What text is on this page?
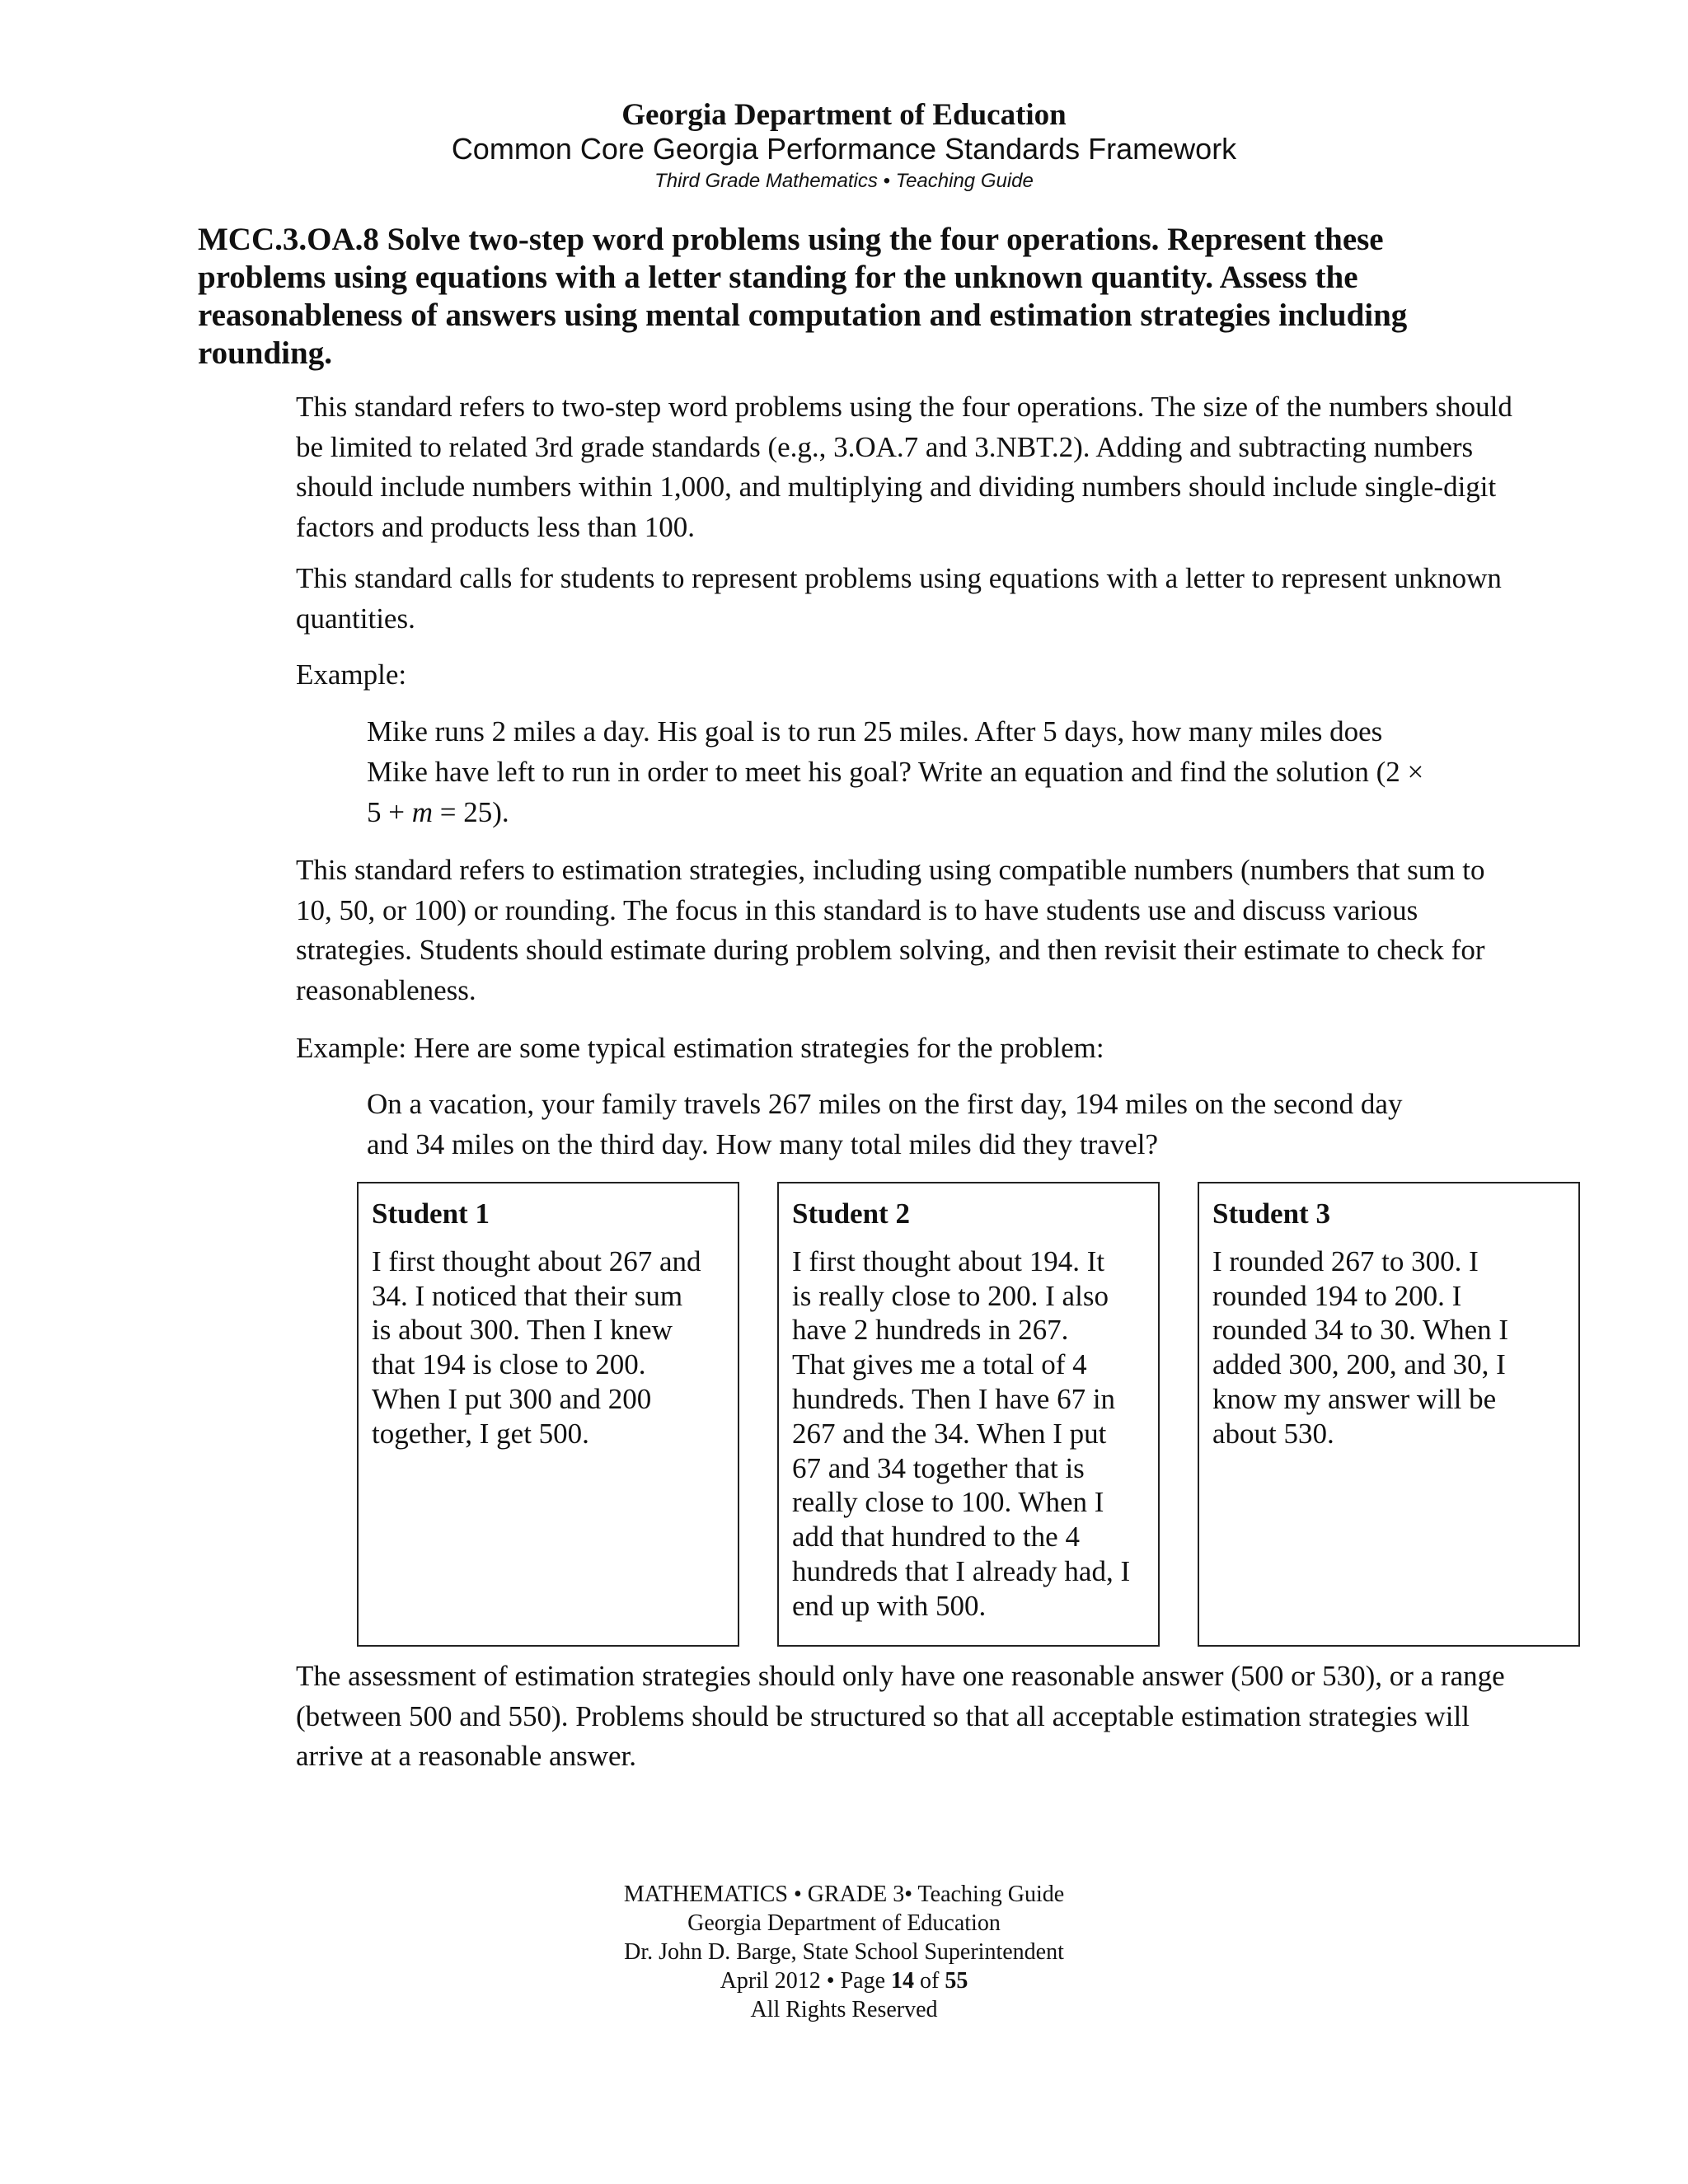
Georgia Department of Education
Common Core Georgia Performance Standards Framework
Third Grade Mathematics • Teaching Guide
MCC.3.OA.8 Solve two-step word problems using the four operations. Represent these problems using equations with a letter standing for the unknown quantity. Assess the reasonableness of answers using mental computation and estimation strategies including rounding.
This standard refers to two-step word problems using the four operations. The size of the numbers should be limited to related 3rd grade standards (e.g., 3.OA.7 and 3.NBT.2). Adding and subtracting numbers should include numbers within 1,000, and multiplying and dividing numbers should include single-digit factors and products less than 100.
This standard calls for students to represent problems using equations with a letter to represent unknown quantities.
Example:
Mike runs 2 miles a day. His goal is to run 25 miles. After 5 days, how many miles does Mike have left to run in order to meet his goal? Write an equation and find the solution (2 × 5 + m = 25).
This standard refers to estimation strategies, including using compatible numbers (numbers that sum to 10, 50, or 100) or rounding. The focus in this standard is to have students use and discuss various strategies. Students should estimate during problem solving, and then revisit their estimate to check for reasonableness.
Example: Here are some typical estimation strategies for the problem:
On a vacation, your family travels 267 miles on the first day, 194 miles on the second day and 34 miles on the third day. How many total miles did they travel?
Student 1
I first thought about 267 and
34. I noticed that their sum
is about 300. Then I knew
that 194 is close to 200.
When I put 300 and 200
together, I get 500.
Student 2
I first thought about 194. It
is really close to 200. I also
have 2 hundreds in 267.
That gives me a total of 4
hundreds. Then I have 67 in
267 and the 34. When I put
67 and 34 together that is
really close to 100. When I
add that hundred to the 4
hundreds that I already had, I
end up with 500.
Student 3
I rounded 267 to 300. I
rounded 194 to 200. I
rounded 34 to 30. When I
added 300, 200, and 30, I
know my answer will be
about 530.
The assessment of estimation strategies should only have one reasonable answer (500 or 530), or a range (between 500 and 550). Problems should be structured so that all acceptable estimation strategies will arrive at a reasonable answer.
MATHEMATICS • GRADE 3• Teaching Guide
Georgia Department of Education
Dr. John D. Barge, State School Superintendent
April 2012 • Page 14 of 55
All Rights Reserved
